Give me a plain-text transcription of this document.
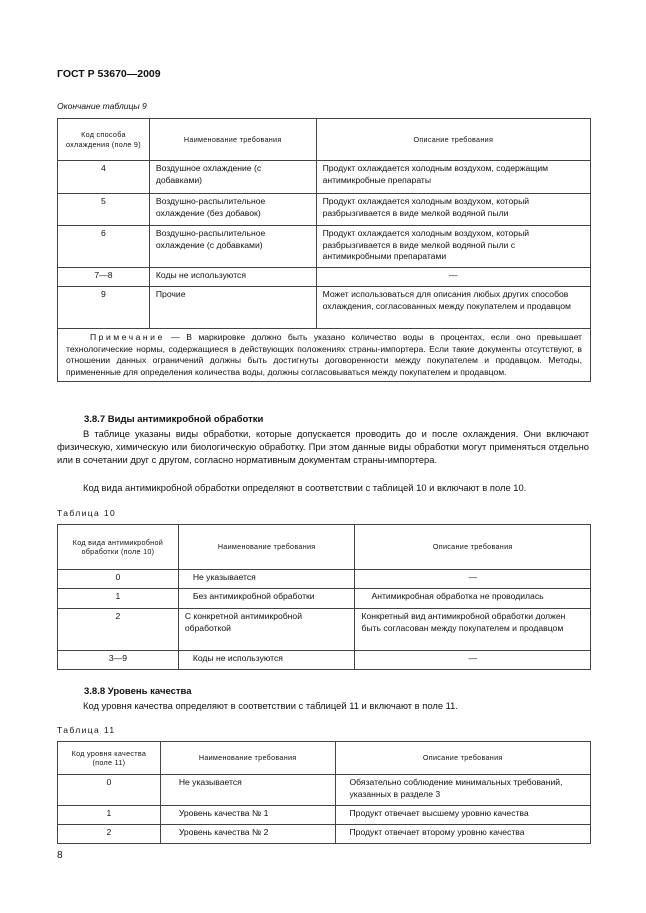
ГОСТ Р 53670—2009
Окончание таблицы 9
Код способа охлаждения (поле 9)	Наименование требования	Описание требования
4	Воздушное охлаждение (с добавками)	Продукт охлаждается холодным воздухом, содержащим антимикробные препараты
5	Воздушно-распылительное охлаждение (без добавок)	Продукт охлаждается холодным воздухом, который разбрызгивается в виде мелкой водяной пыли
6	Воздушно-распылительное охлаждение (с добавками)	Продукт охлаждается холодным воздухом, который разбрызгивается в виде мелкой водяной пыли с антимикробными препаратами
7—8	Коды не используются	—
9	Прочие	Может использоваться для описания любых других способов охлаждения, согласованных между покупателем и продавцом
Примечание — В маркировке должно быть указано количество воды в процентах, если оно превышает технологические нормы, содержащиеся в действующих положениях страны-импортера. Если такие документы отсутствуют, в отношении данных ограничений должны быть достигнуты договоренности между покупателем и продавцом. Методы, примененные для определения количества воды, должны согласовываться между покупателем и продавцом.		
3.8.7 Виды антимикробной обработки
В таблице указаны виды обработки, которые допускается проводить до и после охлаждения. Они включают физическую, химическую или биологическую обработку. При этом данные виды обработки могут применяться отдельно или в сочетании друг с другом, согласно нормативным документам страны-импортера.
Код вида антимикробной обработки определяют в соответствии с таблицей 10 и включают в поле 10.
Таблица 10
Код вида антимикробной обработки (поле 10)	Наименование требования	Описание требования
0	Не указывается	—
1	Без антимикробной обработки	Антимикробная обработка не проводилась
2	С конкретной антимикробной обработкой	Конкретный вид антимикробной обработки должен быть согласован между покупателем и продавцом
3—9	Коды не используются	—
3.8.8 Уровень качества
Код уровня качества определяют в соответствии с таблицей 11 и включают в поле 11.
Таблица 11
Код уровня качества (поле 11)	Наименование требования	Описание требования
0	Не указывается	Обязательно соблюдение минимальных требований, указанных в разделе 3
1	Уровень качества № 1	Продукт отвечает высшему уровню качества
2	Уровень качества № 2	Продукт отвечает второму уровню качества
8
